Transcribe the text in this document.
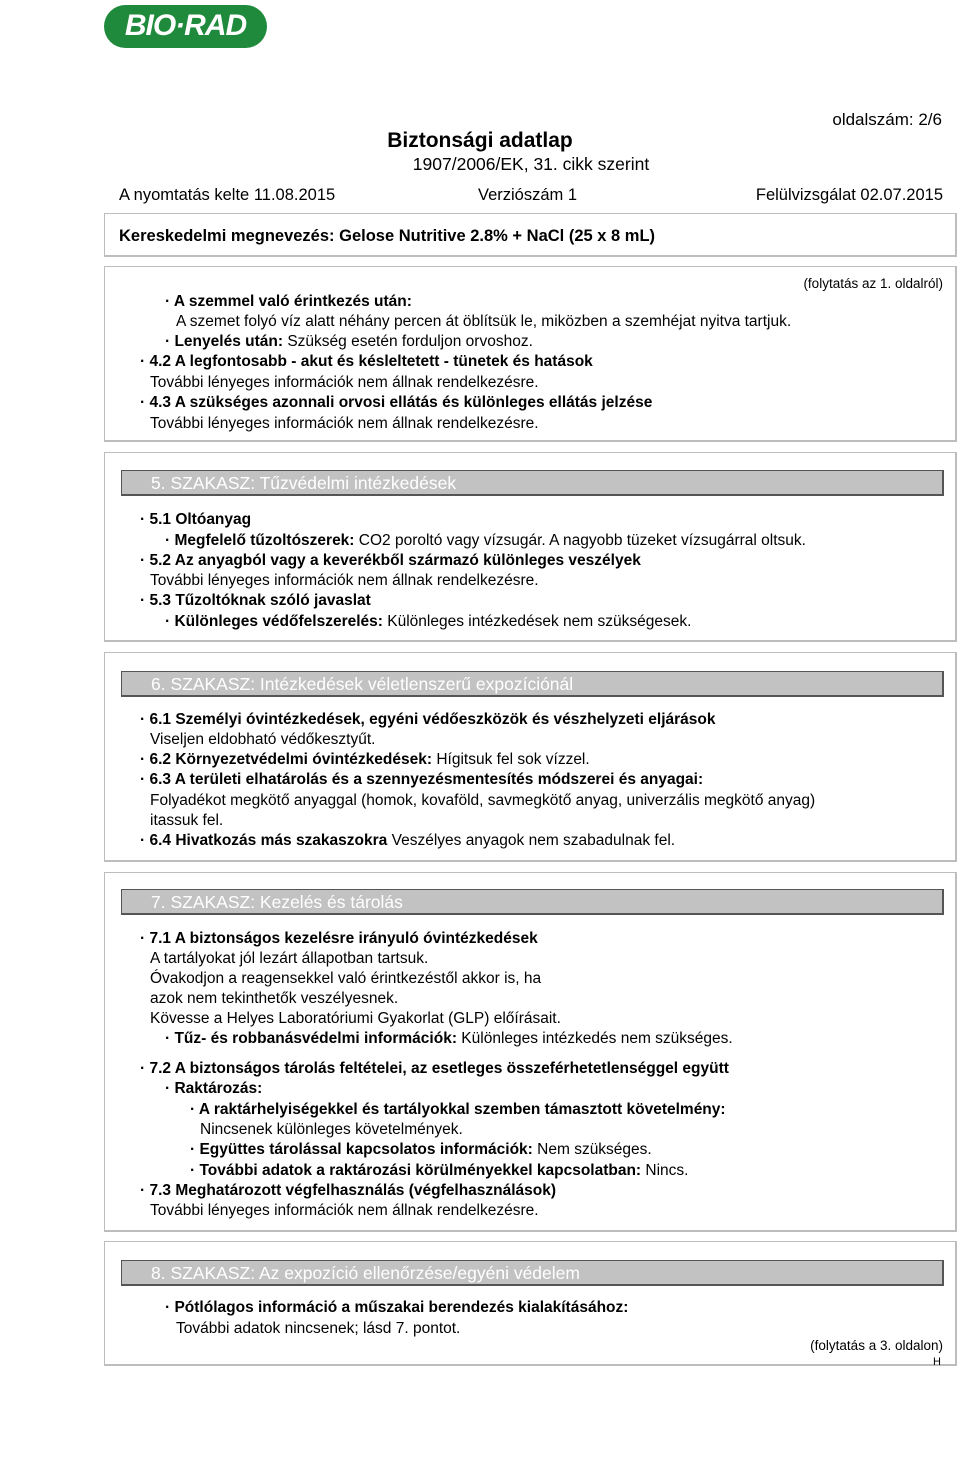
BIO·RAD
oldalszám: 2/6
Biztonsági adatlap
1907/2006/EK, 31. cikk szerint
A nyomtatás kelte 11.08.2015	Verziószám 1	Felülvizsgálat 02.07.2015
Kereskedelmi megnevezés: Gelose Nutritive 2.8% + NaCl (25 x 8 mL)
(folytatás az 1. oldalról)
· A szemmel való érintkezés után:
A szemet folyó víz alatt néhány percen át öblítsük le, miközben a szemhéjat nyitva tartjuk.
· Lenyelés után: Szükség esetén forduljon orvoshoz.
· 4.2 A legfontosabb - akut és késleltetett - tünetek és hatások
További lényeges információk nem állnak rendelkezésre.
· 4.3 A szükséges azonnali orvosi ellátás és különleges ellátás jelzése
További lényeges információk nem állnak rendelkezésre.
5. SZAKASZ: Tűzvédelmi intézkedések
· 5.1 Oltóanyag
· Megfelelő tűzoltószerek: CO2 poroltó vagy vízsugár. A nagyobb tüzeket vízsugárral oltsuk.
· 5.2 Az anyagból vagy a keverékből származó különleges veszélyek
További lényeges információk nem állnak rendelkezésre.
· 5.3 Tűzoltóknak szóló javaslat
· Különleges védőfelszerelés: Különleges intézkedések nem szükségesek.
6. SZAKASZ: Intézkedések véletlenszerű expozíciónál
· 6.1 Személyi óvintézkedések, egyéni védőeszközök és vészhelyzeti eljárások
Viseljen eldobható védőkesztyűt.
· 6.2 Környezetvédelmi óvintézkedések: Hígitsuk fel sok vízzel.
· 6.3 A területi elhatárolás és a szennyezésmentesítés módszerei és anyagai:
Folyadékot megkötő anyaggal (homok, kovaföld, savmegkötő anyag, univerzális megkötő anyag)
itassuk fel.
· 6.4 Hivatkozás más szakaszokra Veszélyes anyagok nem szabadulnak fel.
7. SZAKASZ: Kezelés és tárolás
· 7.1 A biztonságos kezelésre irányuló óvintézkedések
A tartályokat jól lezárt állapotban tartsuk.
Óvakodjon a reagensekkel való érintkezéstől akkor is, ha
azok nem tekinthetők veszélyesnek.
Kövesse a Helyes Laboratóriumi Gyakorlat (GLP) előírásait.
· Tűz- és robbanásvédelmi információk: Különleges intézkedés nem szükséges.
· 7.2 A biztonságos tárolás feltételei, az esetleges összeférhetetlenséggel együtt
· Raktározás:
· A raktárhelyiségekkel és tartályokkal szemben támasztott követelmény:
Nincsenek különleges követelmények.
· Együttes tárolással kapcsolatos információk: Nem szükséges.
· További adatok a raktározási körülményekkel kapcsolatban: Nincs.
· 7.3 Meghatározott végfelhasználás (végfelhasználások)
További lényeges információk nem állnak rendelkezésre.
8. SZAKASZ: Az expozíció ellenőrzése/egyéni védelem
· Pótlólagos információ a műszakai berendezés kialakításához:
További adatok nincsenek; lásd 7. pontot.
(folytatás a 3. oldalon)
H
